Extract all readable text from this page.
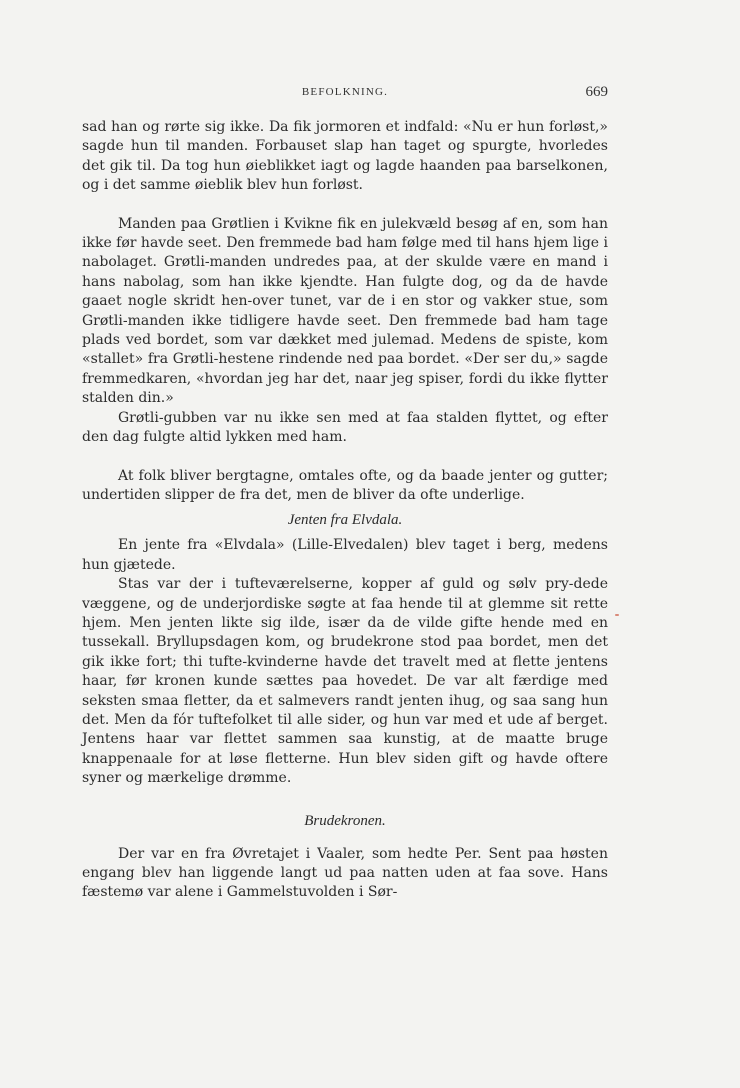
BEFOLKNING.	669

sad han og rørte sig ikke. Da fik jormoren et indfald: «Nu er hun forløst,» sagde hun til manden. Forbauset slap han taget og spurgte, hvorledes det gik til. Da tog hun øieblikket iagt og lagde haanden paa barselkonen, og i det samme øieblik blev hun forløst.

Manden paa Grøtlien i Kvikne fik en julekvæld besøg af en, som han ikke før havde seet. Den fremmede bad ham følge med til hans hjem lige i nabolaget. Grøtli-manden undredes paa, at der skulde være en mand i hans nabolag, som han ikke kjendte. Han fulgte dog, og da de havde gaaet nogle skridt hen-over tunet, var de i en stor og vakker stue, som Grøtli-manden ikke tidligere havde seet. Den fremmede bad ham tage plads ved bordet, som var dækket med julemad. Medens de spiste, kom «stallet» fra Grøtli-hestene rindende ned paa bordet. «Der ser du,» sagde fremmedkaren, «hvordan jeg har det, naar jeg spiser, fordi du ikke flytter stalden din.»

Grøtli-gubben var nu ikke sen med at faa stalden flyttet, og efter den dag fulgte altid lykken med ham.

At folk bliver bergtagne, omtales ofte, og da baade jenter og gutter; undertiden slipper de fra det, men de bliver da ofte underlige.

Jenten fra Elvdala.

En jente fra «Elvdala» (Lille-Elvedalen) blev taget i berg, medens hun gjætede.

Stas var der i tufteværelserne, kopper af guld og sølv pry-dede væggene, og de underjordiske søgte at faa hende til at glemme sit rette hjem. Men jenten likte sig ilde, især da de vilde gifte hende med en tussekall. Bryllupsdagen kom, og brudekrone stod paa bordet, men det gik ikke fort; thi tufte-kvinderne havde det travelt med at flette jentens haar, før kronen kunde sættes paa hovedet. De var alt færdige med seksten smaa fletter, da et salmevers randt jenten ihug, og saa sang hun det. Men da fór tuftefolket til alle sider, og hun var med et ude af berget. Jentens haar var flettet sammen saa kunstig, at de maatte bruge knappenaale for at løse fletterne. Hun blev siden gift og havde oftere syner og mærkelige drømme.

Brudekronen.

Der var en fra Øvretajet i Vaaler, som hedte Per. Sent paa høsten engang blev han liggende langt ud paa natten uden at faa sove. Hans fæstemø var alene i Gammelstuvolden i Sør-
